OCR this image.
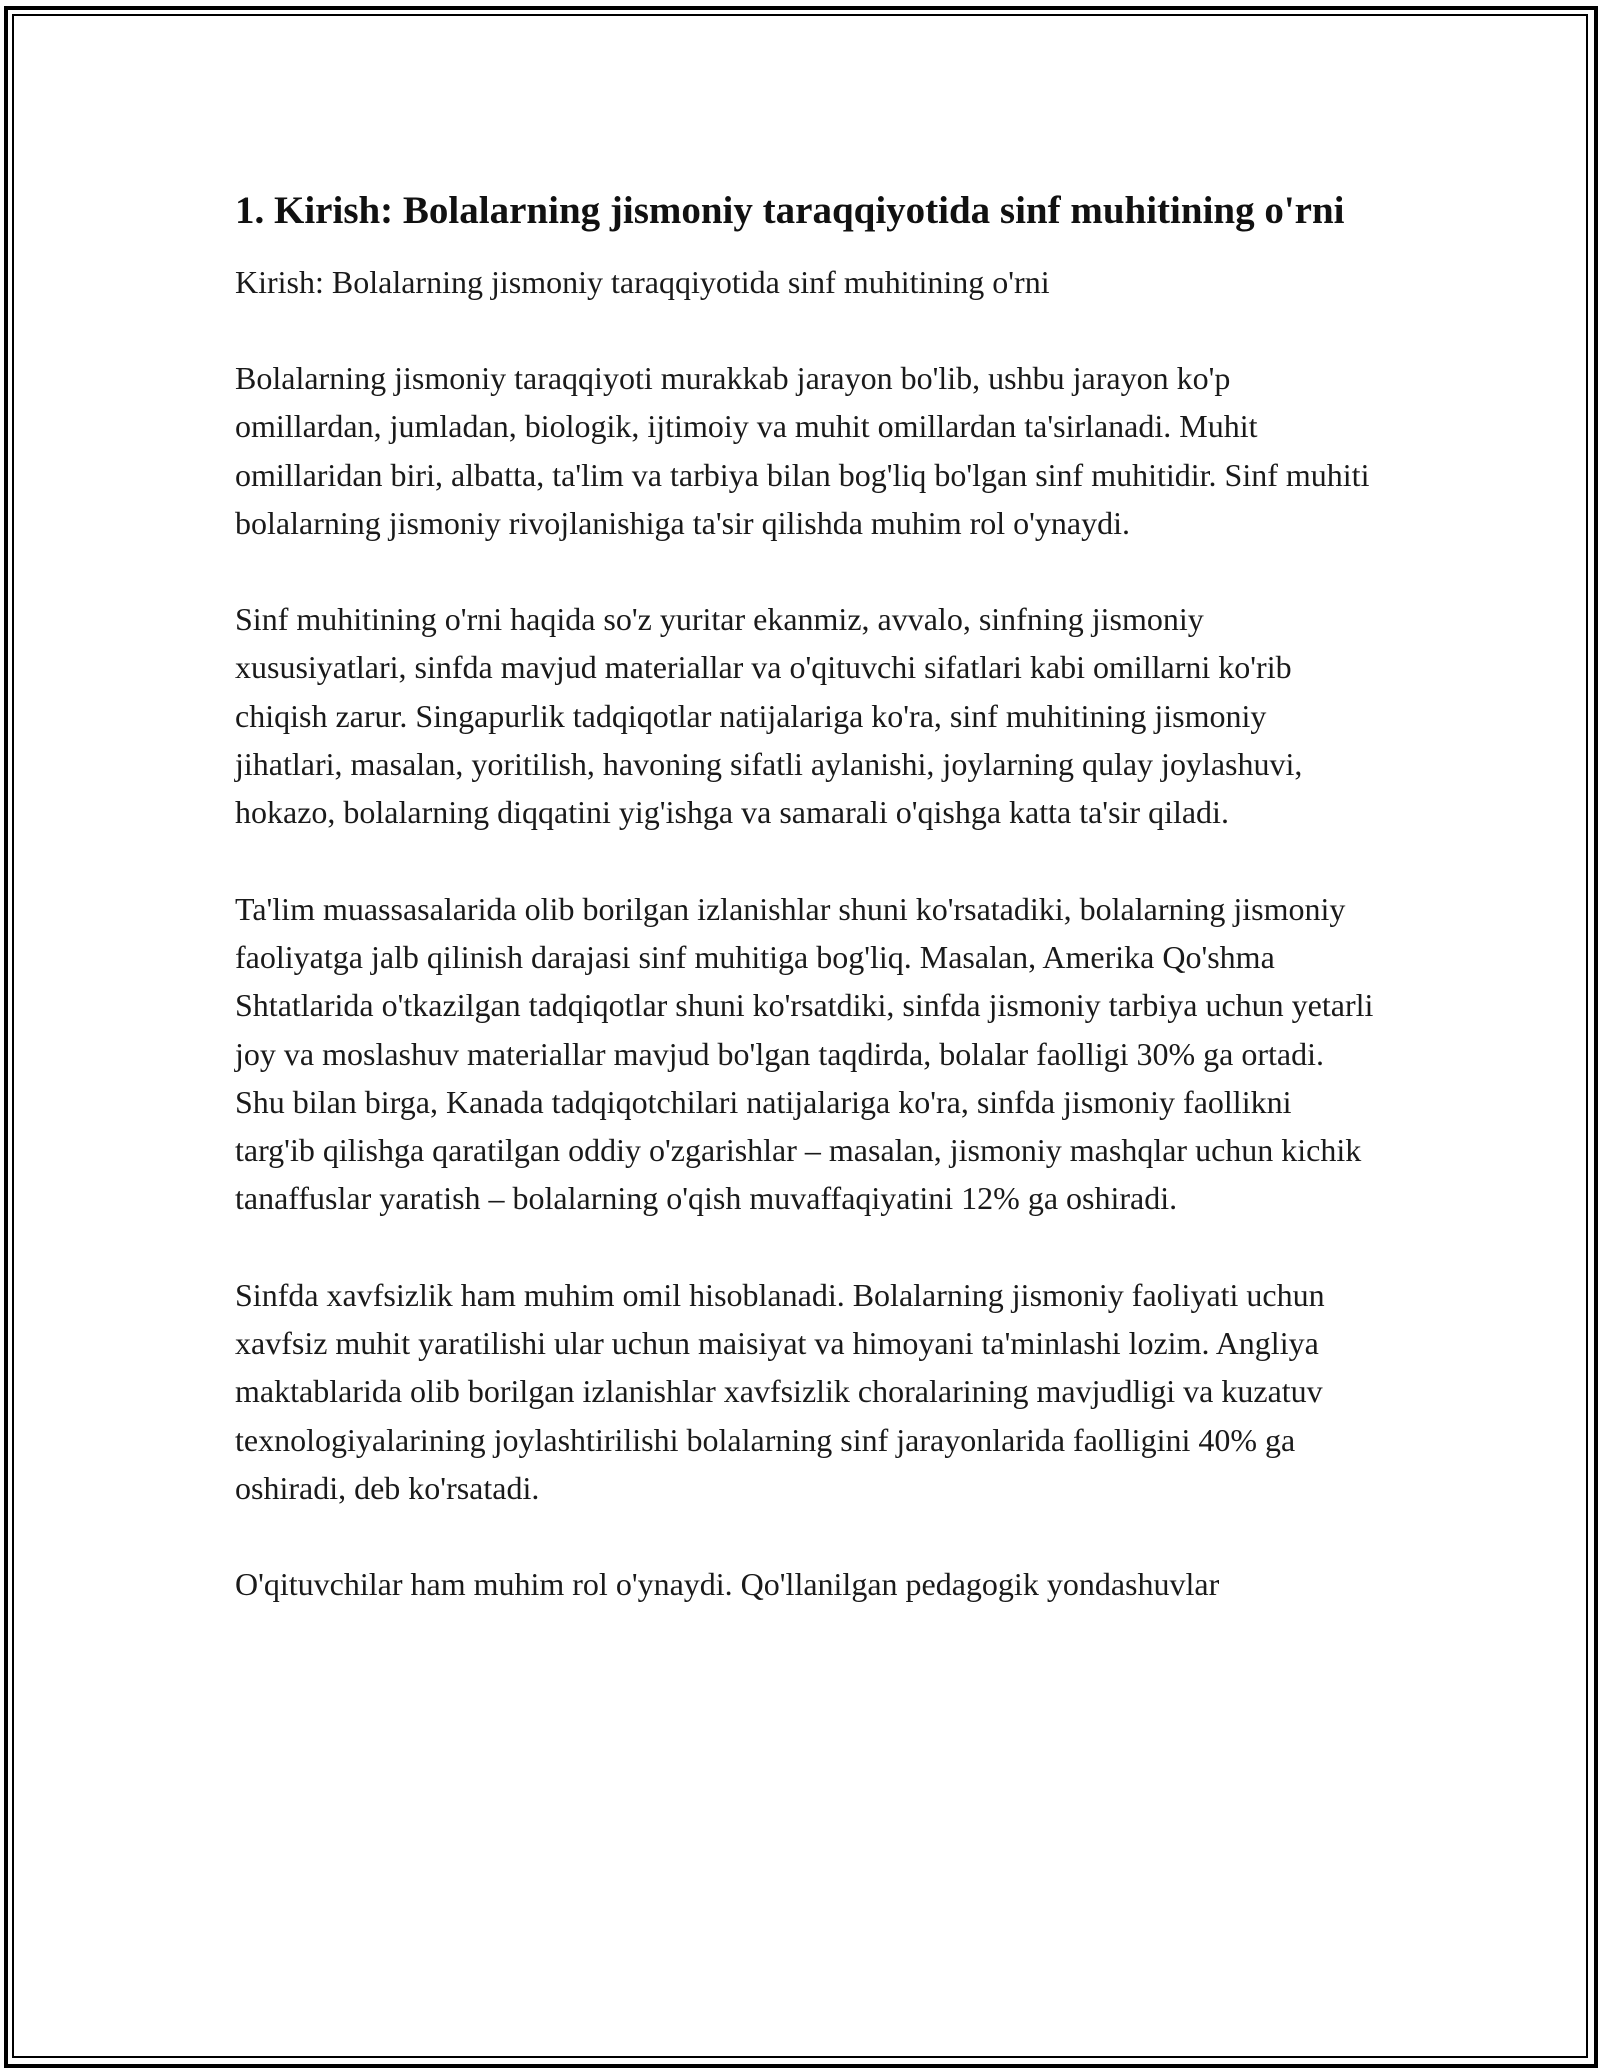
1. Kirish: Bolalarning jismoniy taraqqiyotida sinf muhitining o'rni

Kirish: Bolalarning jismoniy taraqqiyotida sinf muhitining o'rni

Bolalarning jismoniy taraqqiyoti murakkab jarayon bo'lib, ushbu jarayon ko'p omillardan, jumladan, biologik, ijtimoiy va muhit omillardan ta'sirlanadi. Muhit omillaridan biri, albatta, ta'lim va tarbiya bilan bog'liq bo'lgan sinf muhitidir. Sinf muhiti bolalarning jismoniy rivojlanishiga ta'sir qilishda muhim rol o'ynaydi.

Sinf muhitining o'rni haqida so'z yuritar ekanmiz, avvalo, sinfning jismoniy xususiyatlari, sinfda mavjud materiallar va o'qituvchi sifatlari kabi omillarni ko'rib chiqish zarur. Singapurlik tadqiqotlar natijalariga ko'ra, sinf muhitining jismoniy jihatlari, masalan, yoritilish, havoning sifatli aylanishi, joylarning qulay joylashuvi, hokazo, bolalarning diqqatini yig'ishga va samarali o'qishga katta ta'sir qiladi.

Ta'lim muassasalarida olib borilgan izlanishlar shuni ko'rsatadiki, bolalarning jismoniy faoliyatga jalb qilinish darajasi sinf muhitiga bog'liq. Masalan, Amerika Qo'shma Shtatlarida o'tkazilgan tadqiqotlar shuni ko'rsatdiki, sinfda jismoniy tarbiya uchun yetarli joy va moslashuv materiallar mavjud bo'lgan taqdirda, bolalar faolligi 30% ga ortadi. Shu bilan birga, Kanada tadqiqotchilari natijalariga ko'ra, sinfda jismoniy faollikni targ'ib qilishga qaratilgan oddiy o'zgarishlar – masalan, jismoniy mashqlar uchun kichik tanaffuslar yaratish – bolalarning o'qish muvaffaqiyatini 12% ga oshiradi.

Sinfda xavfsizlik ham muhim omil hisoblanadi. Bolalarning jismoniy faoliyati uchun xavfsiz muhit yaratilishi ular uchun maisiyat va himoyani ta'minlashi lozim. Angliya maktablarida olib borilgan izlanishlar xavfsizlik choralarining mavjudligi va kuzatuv texnologiyalarining joylashtirilishi bolalarning sinf jarayonlarida faolligini 40% ga oshiradi, deb ko'rsatadi.

O'qituvchilar ham muhim rol o'ynaydi. Qo'llanilgan pedagogik yondashuvlar
